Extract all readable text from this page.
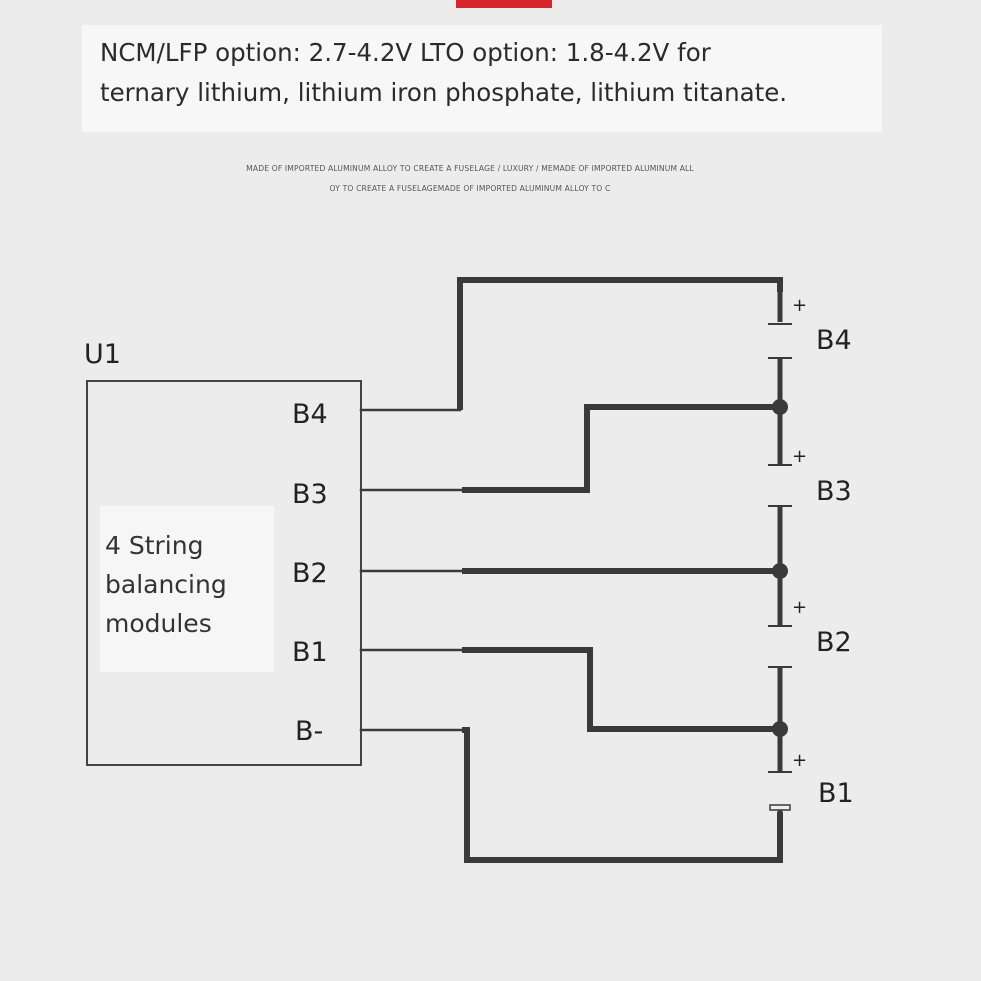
NCM/LFP option: 2.7-4.2V LTO option: 1.8-4.2V for
ternary lithium, lithium iron phosphate, lithium titanate.
MADE OF IMPORTED ALUMINUM ALLOY TO CREATE A FUSELAGE / LUXURY / MEMADE OF IMPORTED ALUMINUM ALL
OY TO CREATE A FUSELAGEMADE OF IMPORTED ALUMINUM ALLOY TO C
U1
B4
B3
B2
B1
B-
+
+
+
+
B4
B3
B2
B1
4 String
balancing
modules
